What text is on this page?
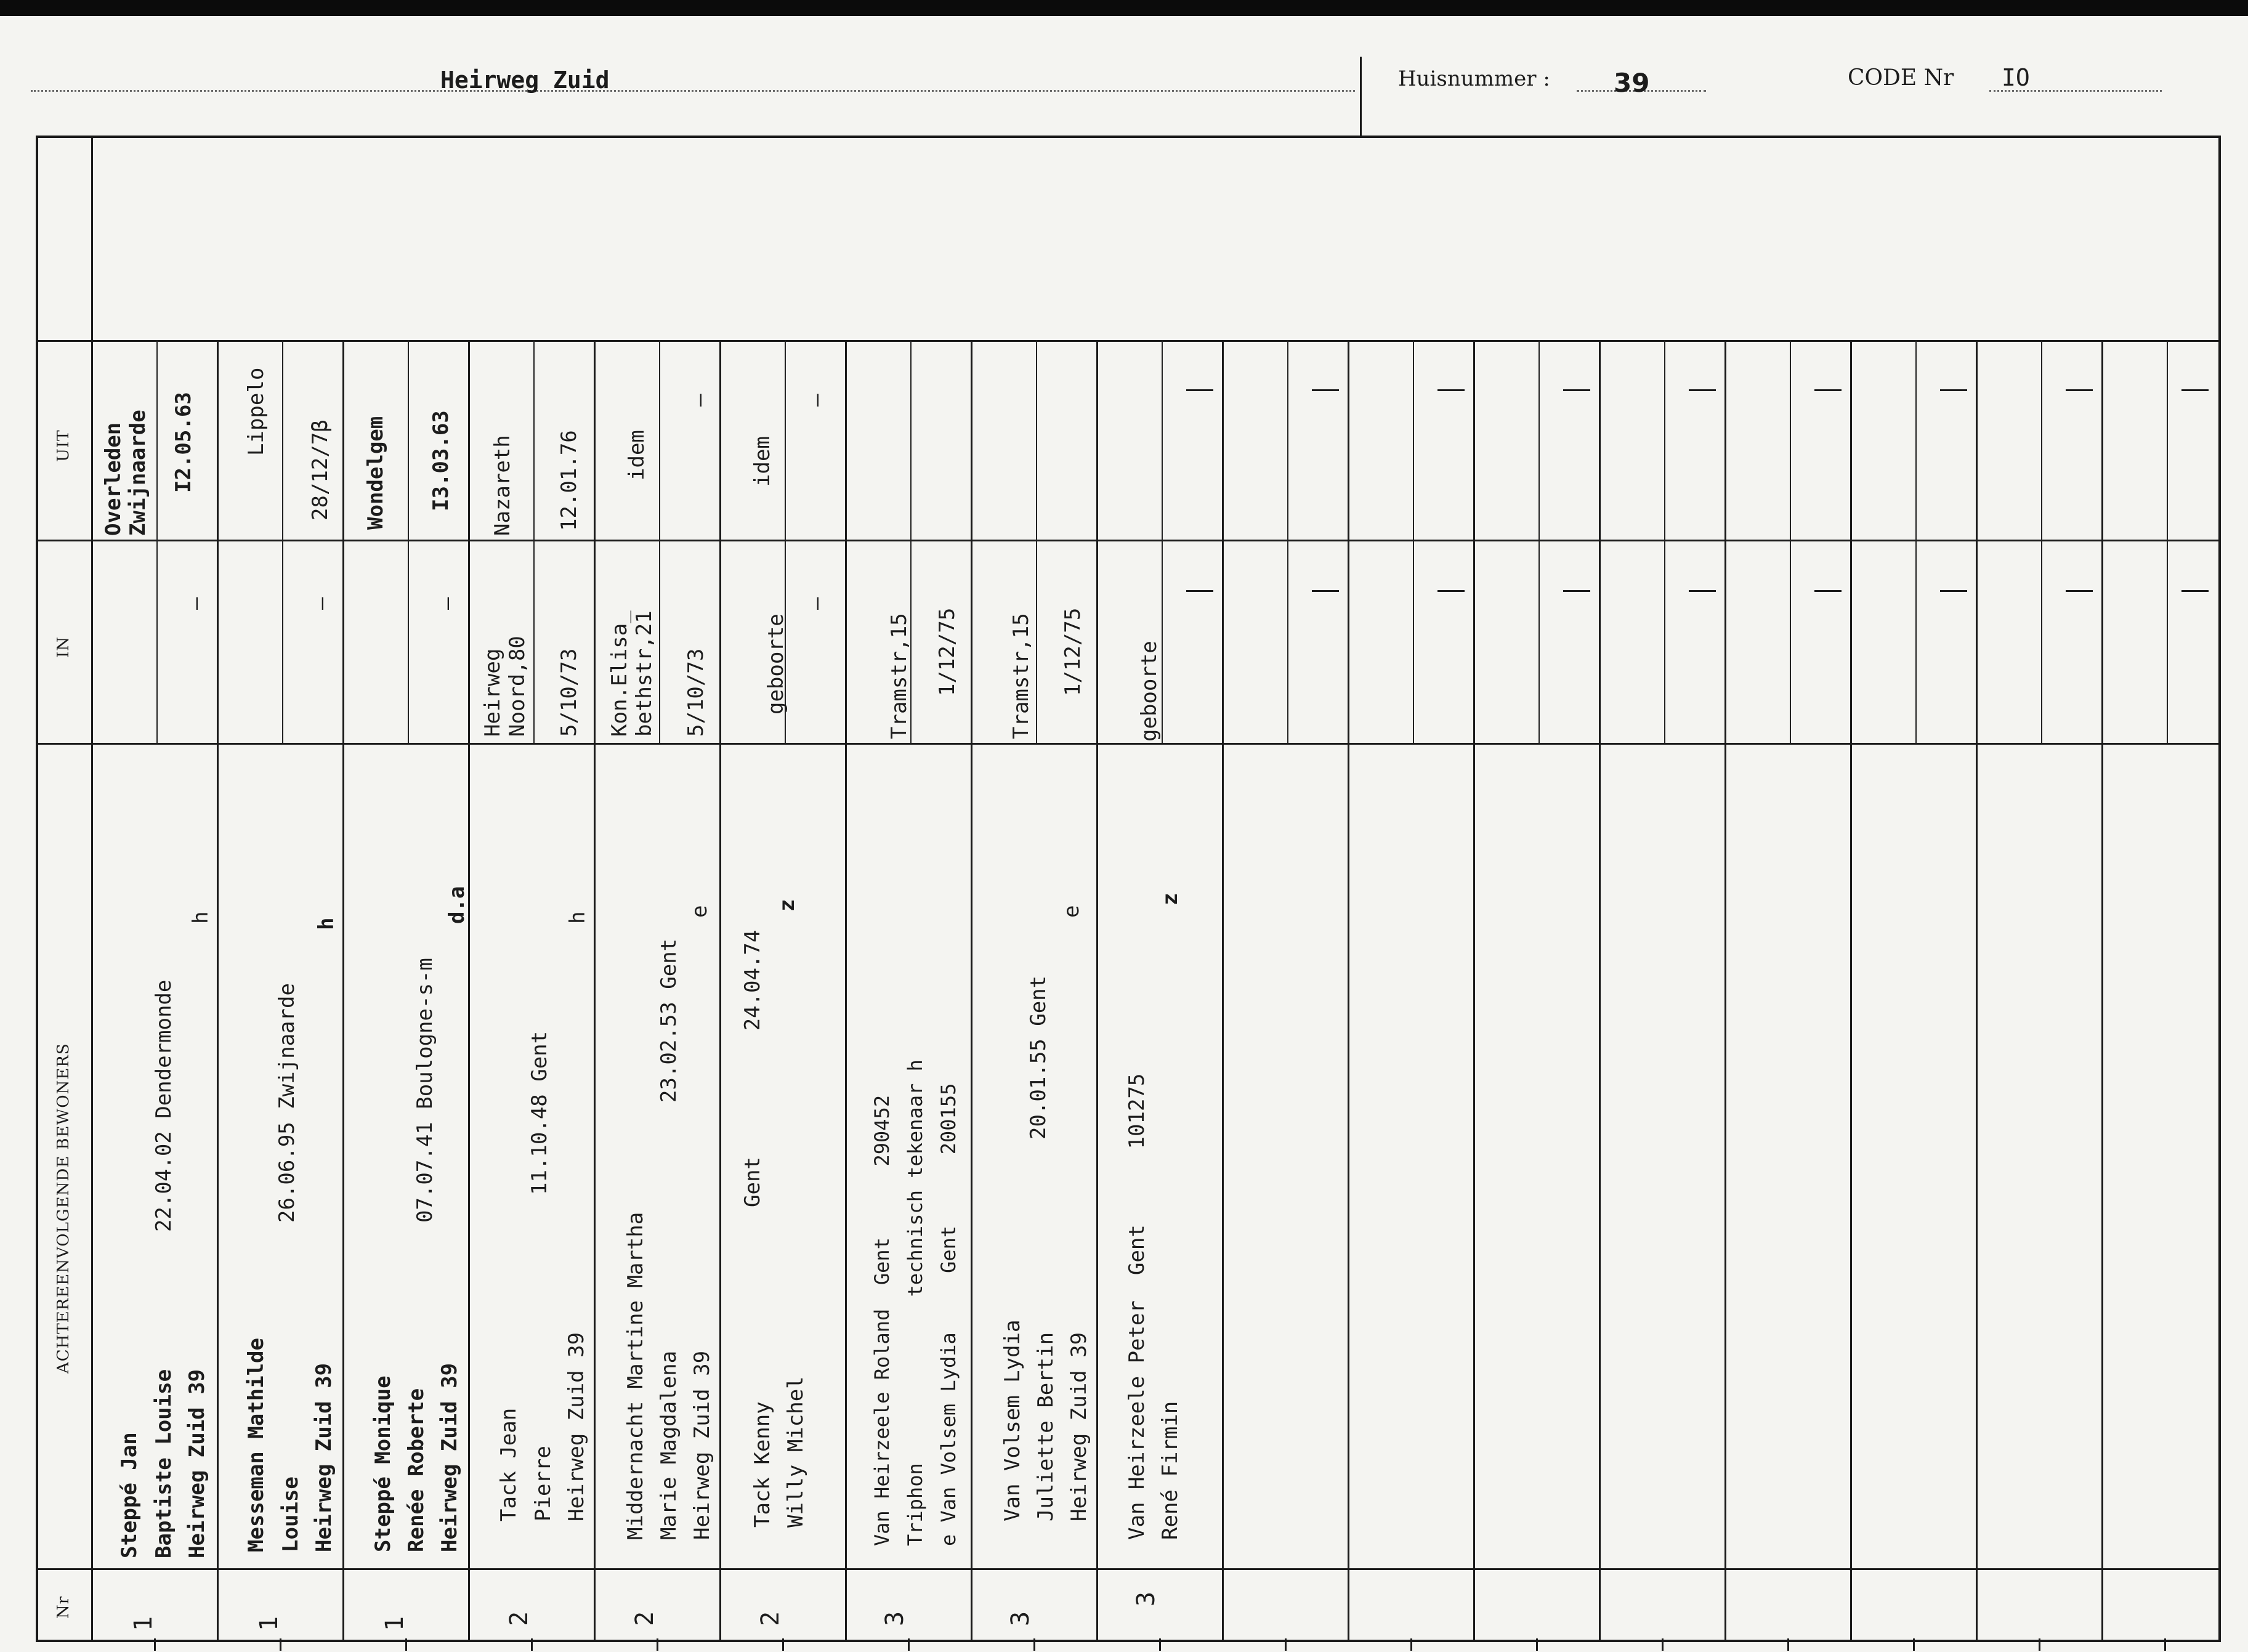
Heirweg Zuid	Huisnummer : 39	CODE Nr IO
UIT
IN
ACHTEREENVOLGENDE BEWONERS
Nr
Overleden
Zwijnaarde I2.05.63
—
Steppé Jan Baptiste Louise Heirweg Zuid 39
22.04.02 Dendermonde
h
1
Lippelo
28/12/7β
—
Messeman Mathilde Louise Heirweg Zuid 39
26.06.95 Zwijnaarde
h
1
Wondelgem I3.03.63
—
Steppé Monique Renée Roberte Heirweg Zuid 39
07.07.41 Boulogne-s-m
d.a
1
Nazareth 12.01.76
Heirweg
Noord,80 5/10/73
Tack Jean Pierre Heirweg Zuid 39
11.10.48 Gent
h
2
idem
—
Kon.Elisa_
bethstr,21 5/10/73
Middernacht Martine Martha Marie Magdalena Heirweg Zuid 39
23.02.53 Gent
e
2
idem
—
geboorte
—
Tack Kenny Willy Michel
Gent          24.04.74
z
2
Tramstr,15 1/12/75
Van Heirzeele Roland  Gent      290452 Triphon              technisch tekenaar h e Van Volsem Lydia     Gent      200155
3
Tramstr,15 1/12/75
Van Volsem Lydia Juliette Bertin Heirweg Zuid 39
20.01.55 Gent
e
3
geboorte
Van Heirzeele Peter  Gent      101275 René Firmin
z
3
